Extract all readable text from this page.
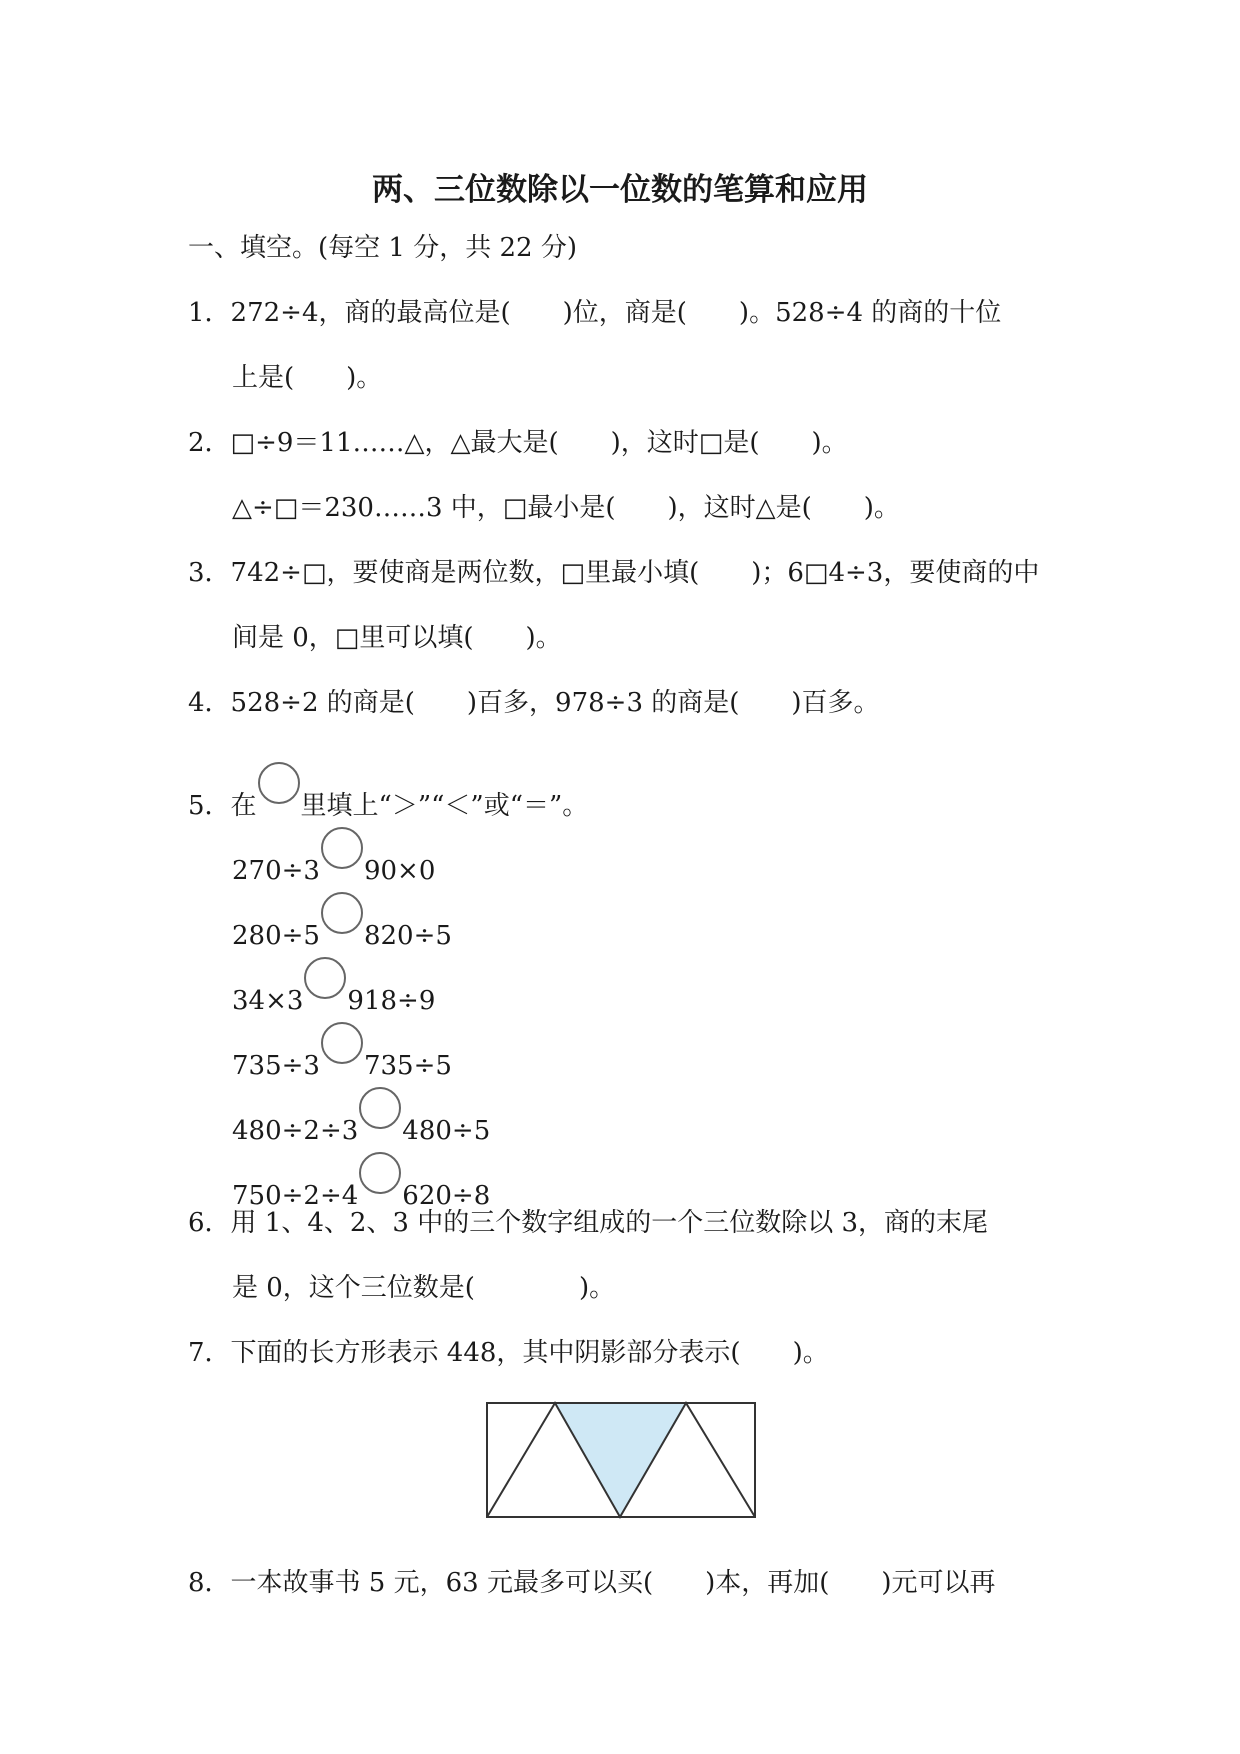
两、三位数除以一位数的笔算和应用
一、填空。(每空 1 分，共 22 分)
1．272÷4，商的最高位是(　　)位，商是(　　)。528÷4 的商的十位
上是(　　)。
2．□÷9＝11……△，△最大是(　　)，这时□是(　　)。
△÷□＝230……3 中，□最小是(　　)，这时△是(　　)。
3．742÷□，要使商是两位数，□里最小填(　　)；6□4÷3，要使商的中
间是 0，□里可以填(　　)。
4．528÷2 的商是(　　)百多，978÷3 的商是(　　)百多。
5．在 里填上“＞”“＜”或“＝”。
270÷3 90×0
280÷5 820÷5
34×3 918÷9
735÷3 735÷5
480÷2÷3 480÷5
750÷2÷4 620÷8
6．用 1、4、2、3 中的三个数字组成的一个三位数除以 3，商的末尾
是 0，这个三位数是(　　　　)。
7．下面的长方形表示 448，其中阴影部分表示(　　)。
8．一本故事书 5 元，63 元最多可以买(　　)本，再加(　　)元可以再
